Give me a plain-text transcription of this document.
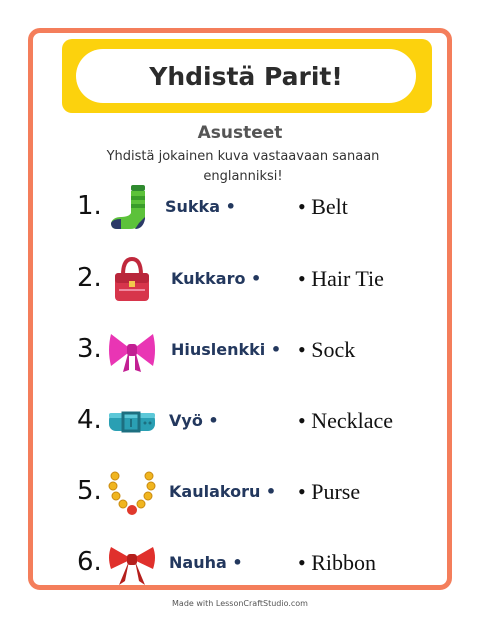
Yhdistä Parit!
Asusteet
Yhdistä jokainen kuva vastaavaan sanaan
englanniksi!
1.	Sukka •	• Belt
2.	Kukkaro • • Hair Tie
3.	Hiuslenkki • • Sock
4.	Vyö •	• Necklace
5.	Kaulakoru • • Purse
6.	Nauha •	• Ribbon
Made with LessonCraftStudio.com
